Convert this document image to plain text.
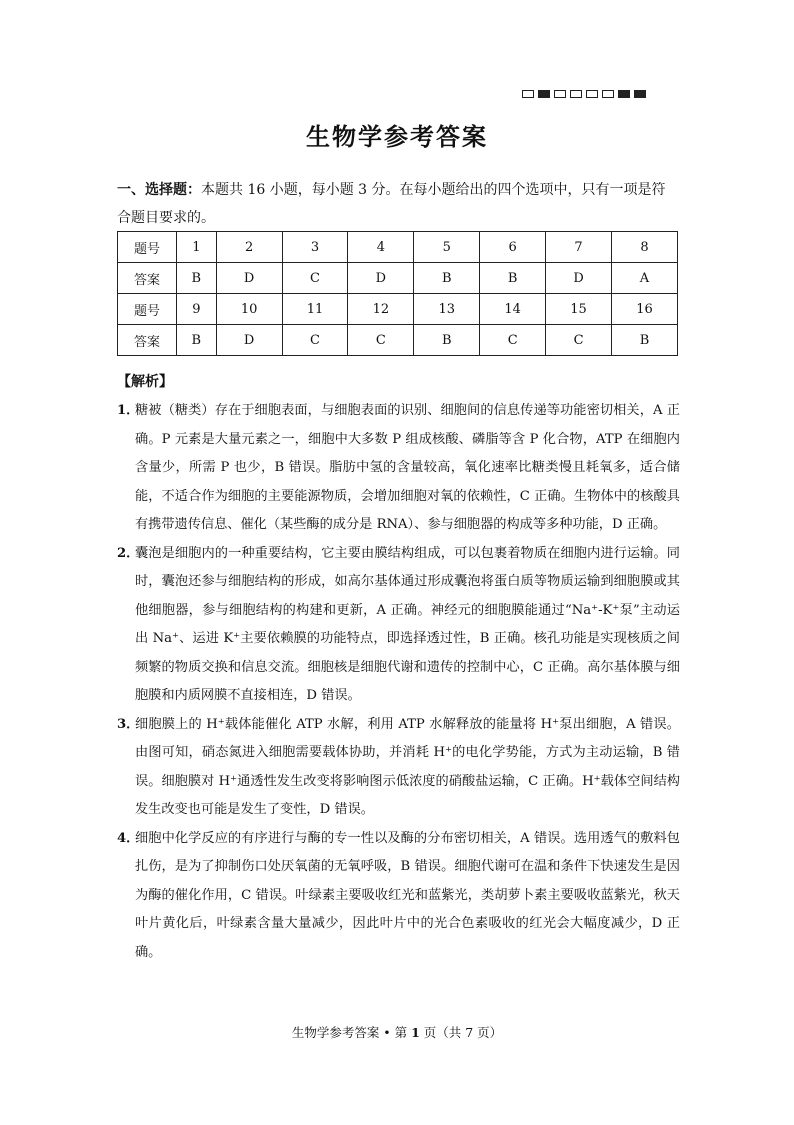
生物学参考答案
一、选择题：本题共 16 小题，每小题 3 分。在每小题给出的四个选项中，只有一项是符合题目要求的。
题号	1	2	3	4	5	6	7	8
答案	B	D	C	D	B	B	D	A
题号	9	10	11	12	13	14	15	16
答案	B	D	C	C	B	C	C	B
【解析】
1．
糖被（糖类）存在于细胞表面，与细胞表面的识别、细胞间的信息传递等功能密切相关，A 正确。P 元素是大量元素之一，细胞中大多数 P 组成核酸、磷脂等含 P 化合物，ATP 在细胞内含量少，所需 P 也少，B 错误。脂肪中氢的含量较高，氧化速率比糖类慢且耗氧多，适合储能，不适合作为细胞的主要能源物质，会增加细胞对氧的依赖性，C 正确。生物体中的核酸具有携带遗传信息、催化（某些酶的成分是 RNA）、参与细胞器的构成等多种功能，D 正确。
2．
囊泡是细胞内的一种重要结构，它主要由膜结构组成，可以包裹着物质在细胞内进行运输。同时，囊泡还参与细胞结构的形成，如高尔基体通过形成囊泡将蛋白质等物质运输到细胞膜或其他细胞器，参与细胞结构的构建和更新，A 正确。神经元的细胞膜能通过“Na⁺-K⁺泵”主动运出 Na⁺、运进 K⁺主要依赖膜的功能特点，即选择透过性，B 正确。核孔功能是实现核质之间频繁的物质交换和信息交流。细胞核是细胞代谢和遗传的控制中心，C 正确。高尔基体膜与细胞膜和内质网膜不直接相连，D 错误。
3．
细胞膜上的 H⁺载体能催化 ATP 水解，利用 ATP 水解释放的能量将 H⁺泵出细胞，A 错误。由图可知，硝态氮进入细胞需要载体协助，并消耗 H⁺的电化学势能，方式为主动运输，B 错误。细胞膜对 H⁺通透性发生改变将影响图示低浓度的硝酸盐运输，C 正确。H⁺载体空间结构发生改变也可能是发生了变性，D 错误。
4．
细胞中化学反应的有序进行与酶的专一性以及酶的分布密切相关，A 错误。选用透气的敷料包扎伤，是为了抑制伤口处厌氧菌的无氧呼吸，B 错误。细胞代谢可在温和条件下快速发生是因为酶的催化作用，C 错误。叶绿素主要吸收红光和蓝紫光，类胡萝卜素主要吸收蓝紫光，秋天叶片黄化后，叶绿素含量大量减少，因此叶片中的光合色素吸收的红光会大幅度减少，D 正确。
生物学参考答案 • 第 1 页（共 7 页）
